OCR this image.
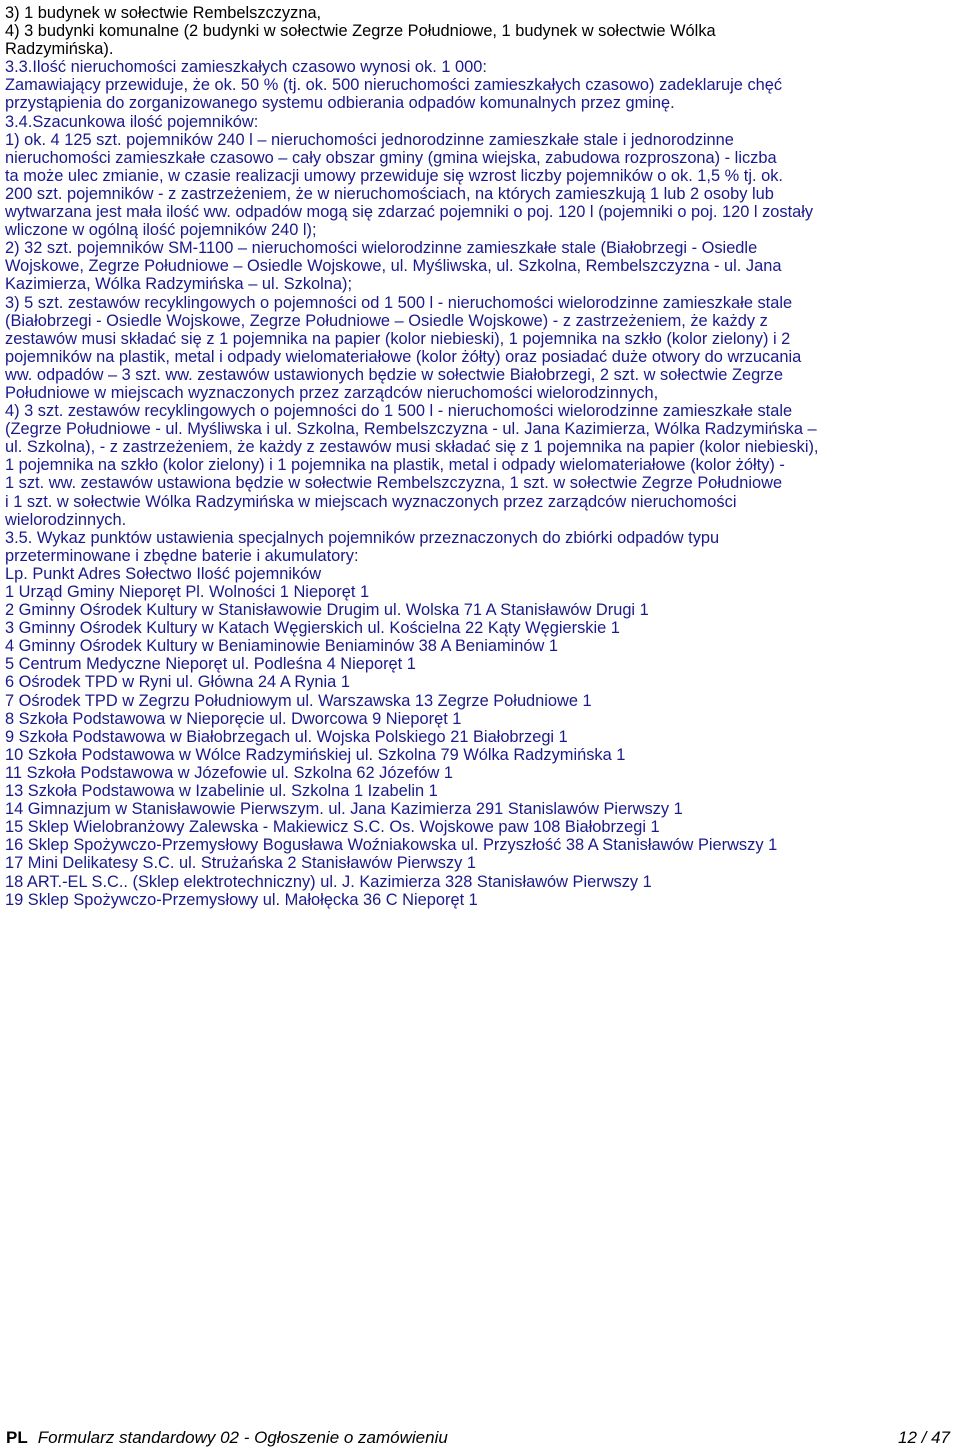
3) 1 budynek w sołectwie Rembelszczyzna,
4) 3 budynki komunalne (2 budynki w sołectwie Zegrze Południowe, 1 budynek w sołectwie Wólka
Radzymińska).
3.3.Ilość nieruchomości zamieszkałych czasowo wynosi ok. 1 000:
Zamawiający przewiduje, że ok. 50 % (tj. ok. 500 nieruchomości zamieszkałych czasowo) zadeklaruje chęć
przystąpienia do zorganizowanego systemu odbierania odpadów komunalnych przez gminę.
3.4.Szacunkowa ilość pojemników:
1) ok. 4 125 szt. pojemników 240 l – nieruchomości jednorodzinne zamieszkałe stale i jednorodzinne
nieruchomości zamieszkałe czasowo – cały obszar gminy (gmina wiejska, zabudowa rozproszona) - liczba
ta może ulec zmianie, w czasie realizacji umowy przewiduje się wzrost liczby pojemników o ok. 1,5 % tj. ok.
200 szt. pojemników - z zastrzeżeniem, że w nieruchomościach, na których zamieszkują 1 lub 2 osoby lub
wytwarzana jest mała ilość ww. odpadów mogą się zdarzać pojemniki o poj. 120 l (pojemniki o poj. 120 l zostały
wliczone w ogólną ilość pojemników 240 l);
2) 32 szt. pojemników SM-1100 – nieruchomości wielorodzinne zamieszkałe stale (Białobrzegi - Osiedle
Wojskowe, Zegrze Południowe – Osiedle Wojskowe, ul. Myśliwska, ul. Szkolna, Rembelszczyzna - ul. Jana
Kazimierza, Wólka Radzymińska – ul. Szkolna);
3) 5 szt. zestawów recyklingowych o pojemności od 1 500 l - nieruchomości wielorodzinne zamieszkałe stale
(Białobrzegi - Osiedle Wojskowe, Zegrze Południowe – Osiedle Wojskowe) - z zastrzeżeniem, że każdy z
zestawów musi składać się z 1 pojemnika na papier (kolor niebieski), 1 pojemnika na szkło (kolor zielony) i 2
pojemników na plastik, metal i odpady wielomateriałowe (kolor żółty) oraz posiadać duże otwory do wrzucania
ww. odpadów – 3 szt. ww. zestawów ustawionych będzie w sołectwie Białobrzegi, 2 szt. w sołectwie Zegrze
Południowe w miejscach wyznaczonych przez zarządców nieruchomości wielorodzinnych,
4) 3 szt. zestawów recyklingowych o pojemności do 1 500 l - nieruchomości wielorodzinne zamieszkałe stale
(Zegrze Południowe - ul. Myśliwska i ul. Szkolna, Rembelszczyzna - ul. Jana Kazimierza, Wólka Radzymińska –
ul. Szkolna), - z zastrzeżeniem, że każdy z zestawów musi składać się z 1 pojemnika na papier (kolor niebieski),
1 pojemnika na szkło (kolor zielony) i 1 pojemnika na plastik, metal i odpady wielomateriałowe (kolor żółty) -
1 szt. ww. zestawów ustawiona będzie w sołectwie Rembelszczyzna, 1 szt. w sołectwie Zegrze Południowe
i 1 szt. w sołectwie Wólka Radzymińska w miejscach wyznaczonych przez zarządców nieruchomości
wielorodzinnych.
3.5. Wykaz punktów ustawienia specjalnych pojemników przeznaczonych do zbiórki odpadów typu
przeterminowane i zbędne baterie i akumulatory:
Lp. Punkt Adres Sołectwo Ilość pojemników
1 Urząd Gminy Nieporęt Pl. Wolności 1 Nieporęt 1
2 Gminny Ośrodek Kultury w Stanisławowie Drugim ul. Wolska 71 A Stanisławów Drugi 1
3 Gminny Ośrodek Kultury w Katach Węgierskich ul. Kościelna 22 Kąty Węgierskie 1
4 Gminny Ośrodek Kultury w Beniaminowie Beniaminów 38 A Beniaminów 1
5 Centrum Medyczne Nieporęt ul. Podleśna 4 Nieporęt 1
6 Ośrodek TPD w Ryni ul. Główna 24 A Rynia 1
7 Ośrodek TPD w Zegrzu Południowym ul. Warszawska 13 Zegrze Południowe 1
8 Szkoła Podstawowa w Nieporęcie ul. Dworcowa 9 Nieporęt 1
9 Szkoła Podstawowa w Białobrzegach ul. Wojska Polskiego 21 Białobrzegi 1
10 Szkoła Podstawowa w Wólce Radzymińskiej ul. Szkolna 79 Wólka Radzymińska 1
11 Szkoła Podstawowa w Józefowie ul. Szkolna 62 Józefów 1
13 Szkoła Podstawowa w Izabelinie ul. Szkolna 1 Izabelin 1
14 Gimnazjum w Stanisławowie Pierwszym. ul. Jana Kazimierza 291 Stanislawów Pierwszy 1
15 Sklep Wielobranżowy Zalewska - Makiewicz S.C. Os. Wojskowe paw 108 Białobrzegi 1
16 Sklep Spożywczo-Przemysłowy Bogusława Woźniakowska ul. Przyszłość 38 A Stanisławów Pierwszy 1
17 Mini Delikatesy S.C. ul. Strużańska 2 Stanisławów Pierwszy 1
18 ART.-EL S.C.. (Sklep elektrotechniczny) ul. J. Kazimierza 328 Stanisławów Pierwszy 1
19 Sklep Spożywczo-Przemysłowy ul. Małołęcka 36 C Nieporęt 1
PL Formularz standardowy 02 - Ogłoszenie o zamówieniu	12 / 47
